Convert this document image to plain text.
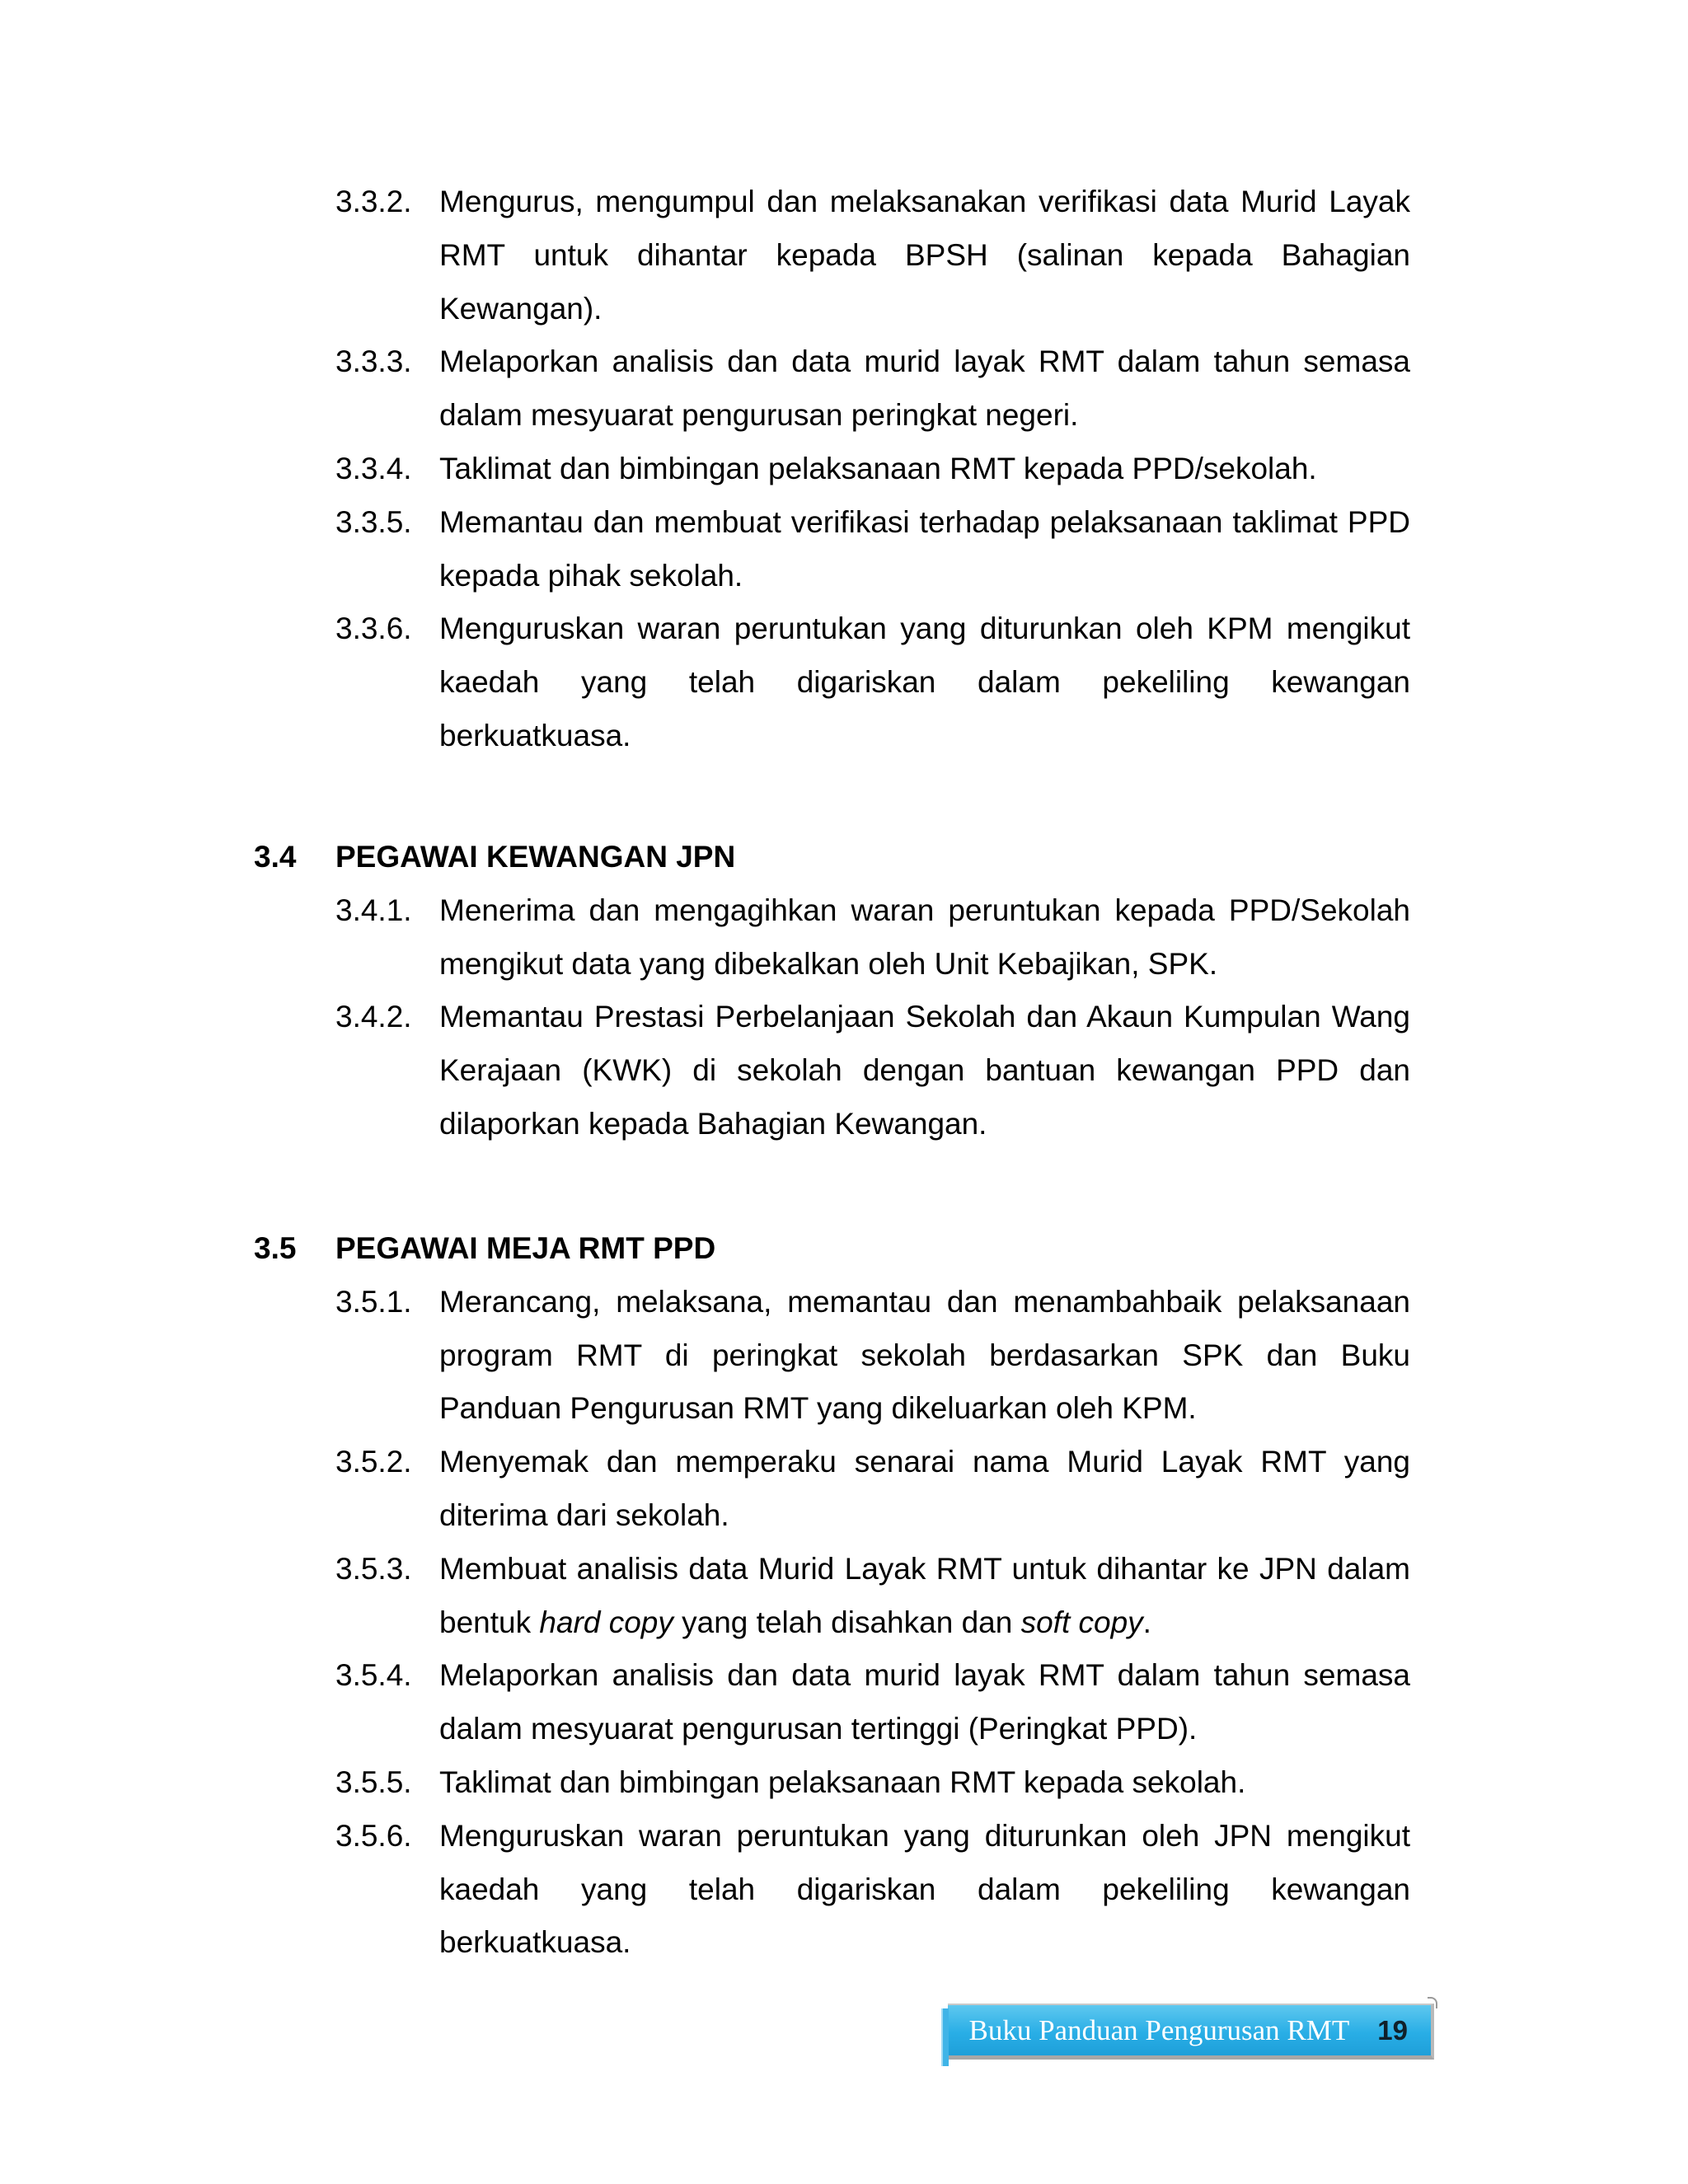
3.3.2. Mengurus, mengumpul dan melaksanakan verifikasi data Murid Layak RMT untuk dihantar kepada BPSH (salinan kepada Bahagian Kewangan).
3.3.3. Melaporkan analisis dan data murid layak RMT dalam tahun semasa dalam mesyuarat pengurusan peringkat negeri.
3.3.4. Taklimat dan bimbingan pelaksanaan RMT kepada PPD/sekolah.
3.3.5. Memantau dan membuat verifikasi terhadap pelaksanaan taklimat PPD kepada pihak sekolah.
3.3.6. Menguruskan waran peruntukan yang diturunkan oleh KPM mengikut kaedah yang telah digariskan dalam pekeliling kewangan berkuatkuasa.
3.4 PEGAWAI KEWANGAN JPN
3.4.1. Menerima dan mengagihkan waran peruntukan kepada PPD/Sekolah mengikut data yang dibekalkan oleh Unit Kebajikan, SPK.
3.4.2. Memantau Prestasi Perbelanjaan Sekolah dan Akaun Kumpulan Wang Kerajaan (KWK) di sekolah dengan bantuan kewangan PPD dan dilaporkan kepada Bahagian Kewangan.
3.5 PEGAWAI MEJA RMT PPD
3.5.1. Merancang, melaksana, memantau dan menambahbaik pelaksanaan program RMT di peringkat sekolah berdasarkan SPK dan Buku Panduan Pengurusan RMT yang dikeluarkan oleh KPM.
3.5.2. Menyemak dan memperaku senarai nama Murid Layak RMT yang diterima dari sekolah.
3.5.3. Membuat analisis data Murid Layak RMT untuk dihantar ke JPN dalam bentuk hard copy yang telah disahkan dan soft copy.
3.5.4. Melaporkan analisis dan data murid layak RMT dalam tahun semasa dalam mesyuarat pengurusan tertinggi (Peringkat PPD).
3.5.5. Taklimat dan bimbingan pelaksanaan RMT kepada sekolah.
3.5.6. Menguruskan waran peruntukan yang diturunkan oleh JPN mengikut kaedah yang telah digariskan dalam pekeliling kewangan berkuatkuasa.
Buku Panduan Pengurusan RMT 19
